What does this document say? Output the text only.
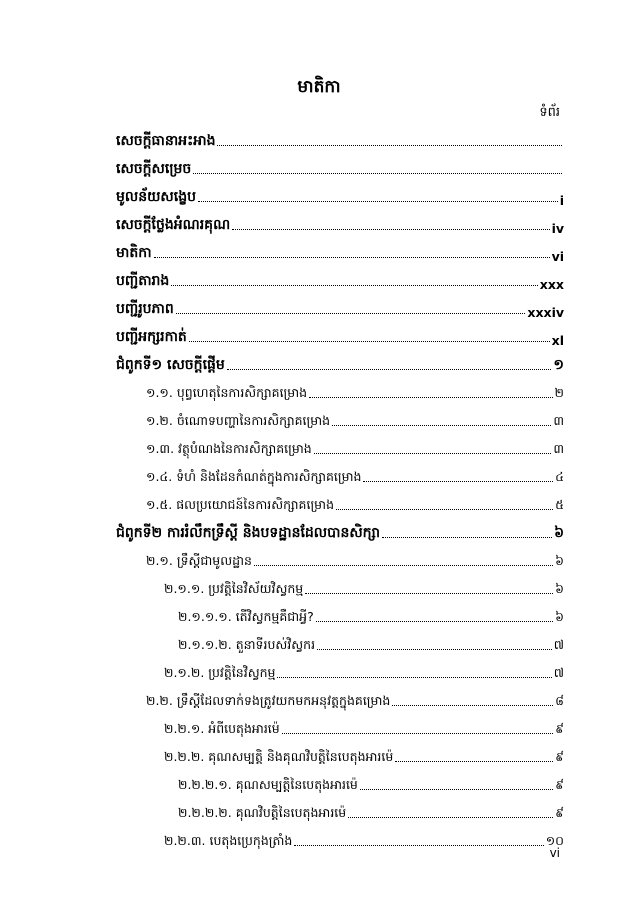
មាតិកា
ទំព័រ
សេចក្តីធានាអះអាង
សេចក្តីសម្រេច
មូលន័យសង្ខេប	i
សេចក្តីថ្លែងអំណរគុណ	iv
មាតិកា	vi
បញ្ជីតារាង	xxx
បញ្ជីរូបភាព	xxxiv
បញ្ជីអក្សរកាត់	xl
ជំពូកទី១ សេចក្តីផ្តើម	១
១.១. បុព្វហេតុនៃការសិក្សាគម្រោង	២
១.២. ចំណោទបញ្ហានៃការសិក្សាគម្រោង	៣
១.៣. វត្ថុបំណងនៃការសិក្សាគម្រោង	៣
១.៤. ទំហំ និងដែនកំណត់ក្នុងការសិក្សាគម្រោង	៤
១.៥. ផលប្រយោជន៍នៃការសិក្សាគម្រោង	៥
ជំពូកទី២ ការរំលឹកទ្រឹស្តី និងបទដ្ឋានដែលបានសិក្សា	៦
២.១. ទ្រឹស្តីជាមូលដ្ឋាន	៦
២.១.១. ប្រវត្តិនៃវិស័យវិស្វកម្ម	៦
២.១.១.១. តើវិស្វកម្មគឺជាអ្វី?	៦
២.១.១.២. តួនាទីរបស់វិស្វករ	៧
២.១.២. ប្រវត្តិនៃវិស្វកម្ម	៧
២.២. ទ្រឹស្តីដែលទាក់ទងត្រូវយកមកអនុវត្តក្នុងគម្រោង	៨
២.២.១. អំពីបេតុងអារម៉េ	៩
២.២.២. គុណសម្បត្តិ និងគុណវិបត្តិនៃបេតុងអារម៉េ	៩
២.២.២.១. គុណសម្បត្តិនៃបេតុងអារម៉េ	៩
២.២.២.២. គុណវិបត្តិនៃបេតុងអារម៉េ	៩
២.២.៣. បេតុងប្រេកុងត្រាំង	១០
vi
